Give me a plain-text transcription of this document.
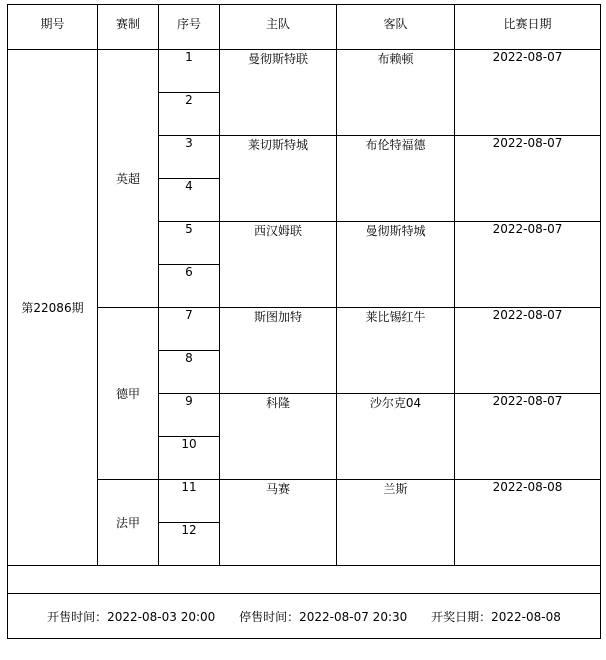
期号	赛制	序号	主队	客队	比赛日期
第22086期	英超	1	曼彻斯特联	布赖顿	2022-08-07
		2			
		3	莱切斯特城	布伦特福德	2022-08-07
		4			
		5	西汉姆联	曼彻斯特城	2022-08-07
		6			
	德甲	7	斯图加特	莱比锡红牛	2022-08-07
		8			
		9	科隆	沙尔克04	2022-08-07
		10			
	法甲	11	马赛	兰斯	2022-08-08
		12			

开售时间：2022-08-03 20:00 停售时间：2022-08-07 20:30 开奖日期：2022-08-08					
